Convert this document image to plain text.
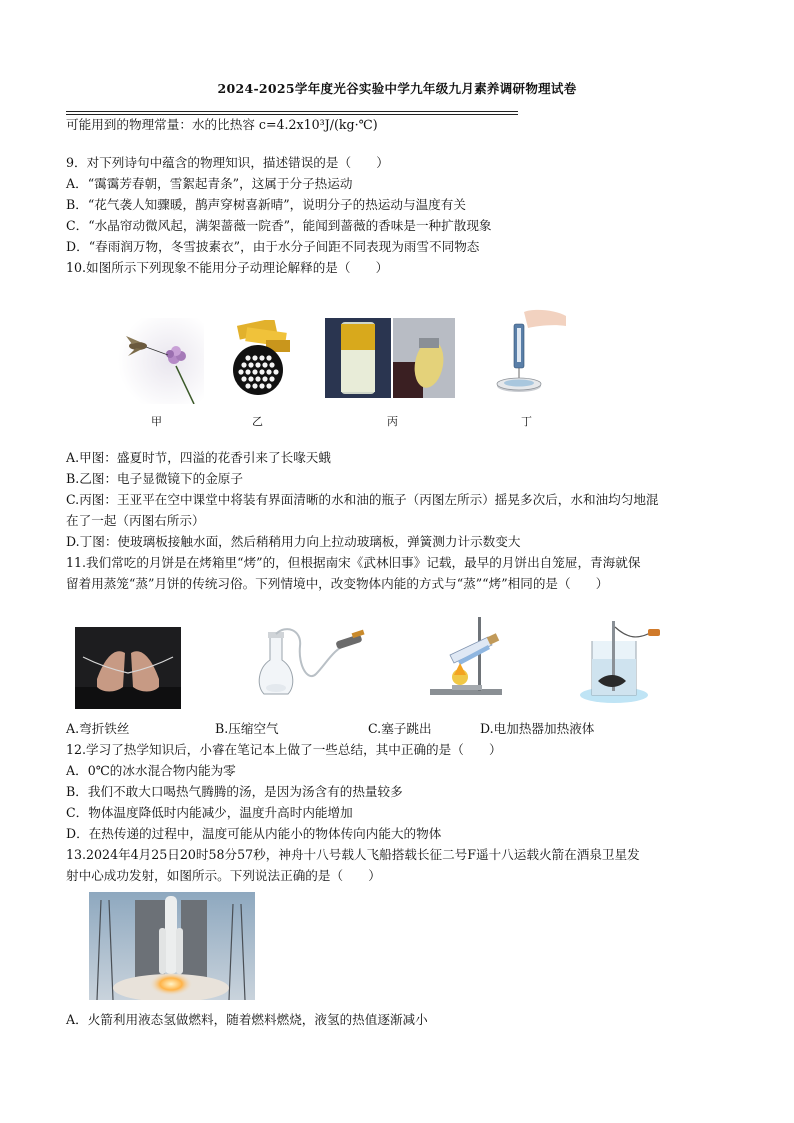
2024-2025学年度光谷实验中学九年级九月素养调研物理试卷
可能用到的物理常量：水的比热容 c=4.2x10³J/(kg·℃)
9．对下列诗句中蕴含的物理知识，描述错误的是（　　）
A．“霭霭芳春朝，雪絮起青条”，这属于分子热运动
B．“花气袭人知骤暖，鹊声穿树喜新晴”，说明分子的热运动与温度有关
C．“水晶帘动微风起，满架蔷薇一院香”，能闻到蔷薇的香味是一种扩散现象
D．“春雨润万物，冬雪披素衣”，由于水分子间距不同表现为雨雪不同物态
10.如图所示下列现象不能用分子动理论解释的是（　　）
甲	乙	丙	丁
A.甲图：盛夏时节，四溢的花香引来了长喙天蛾
B.乙图：电子显微镜下的金原子
C.丙图：王亚平在空中课堂中将装有界面清晰的水和油的瓶子（丙图左所示）摇晃多次后，水和油均匀地混
在了一起（丙图右所示）
D.丁图：使玻璃板接触水面，然后稍稍用力向上拉动玻璃板，弹簧测力计示数变大
11.我们常吃的月饼是在烤箱里“烤”的，但根据南宋《武林旧事》记载，最早的月饼出自笼屉，青海就保
留着用蒸笼“蒸”月饼的传统习俗。下列情境中，改变物体内能的方式与“蒸”“烤”相同的是（　　）
A.弯折铁丝	B.压缩空气	C.塞子跳出	D.电加热器加热液体
12.学习了热学知识后，小睿在笔记本上做了一些总结，其中正确的是（　　）
A．0℃的冰水混合物内能为零
B．我们不敢大口喝热气腾腾的汤，是因为汤含有的热量较多
C．物体温度降低时内能减少，温度升高时内能增加
D．在热传递的过程中，温度可能从内能小的物体传向内能大的物体
13.2024年4月25日20时58分57秒，神舟十八号载人飞船搭载长征二号F遥十八运载火箭在酒泉卫星发
射中心成功发射，如图所示。下列说法正确的是（　　）
A．火箭利用液态氢做燃料，随着燃料燃烧，液氢的热值逐渐减小
